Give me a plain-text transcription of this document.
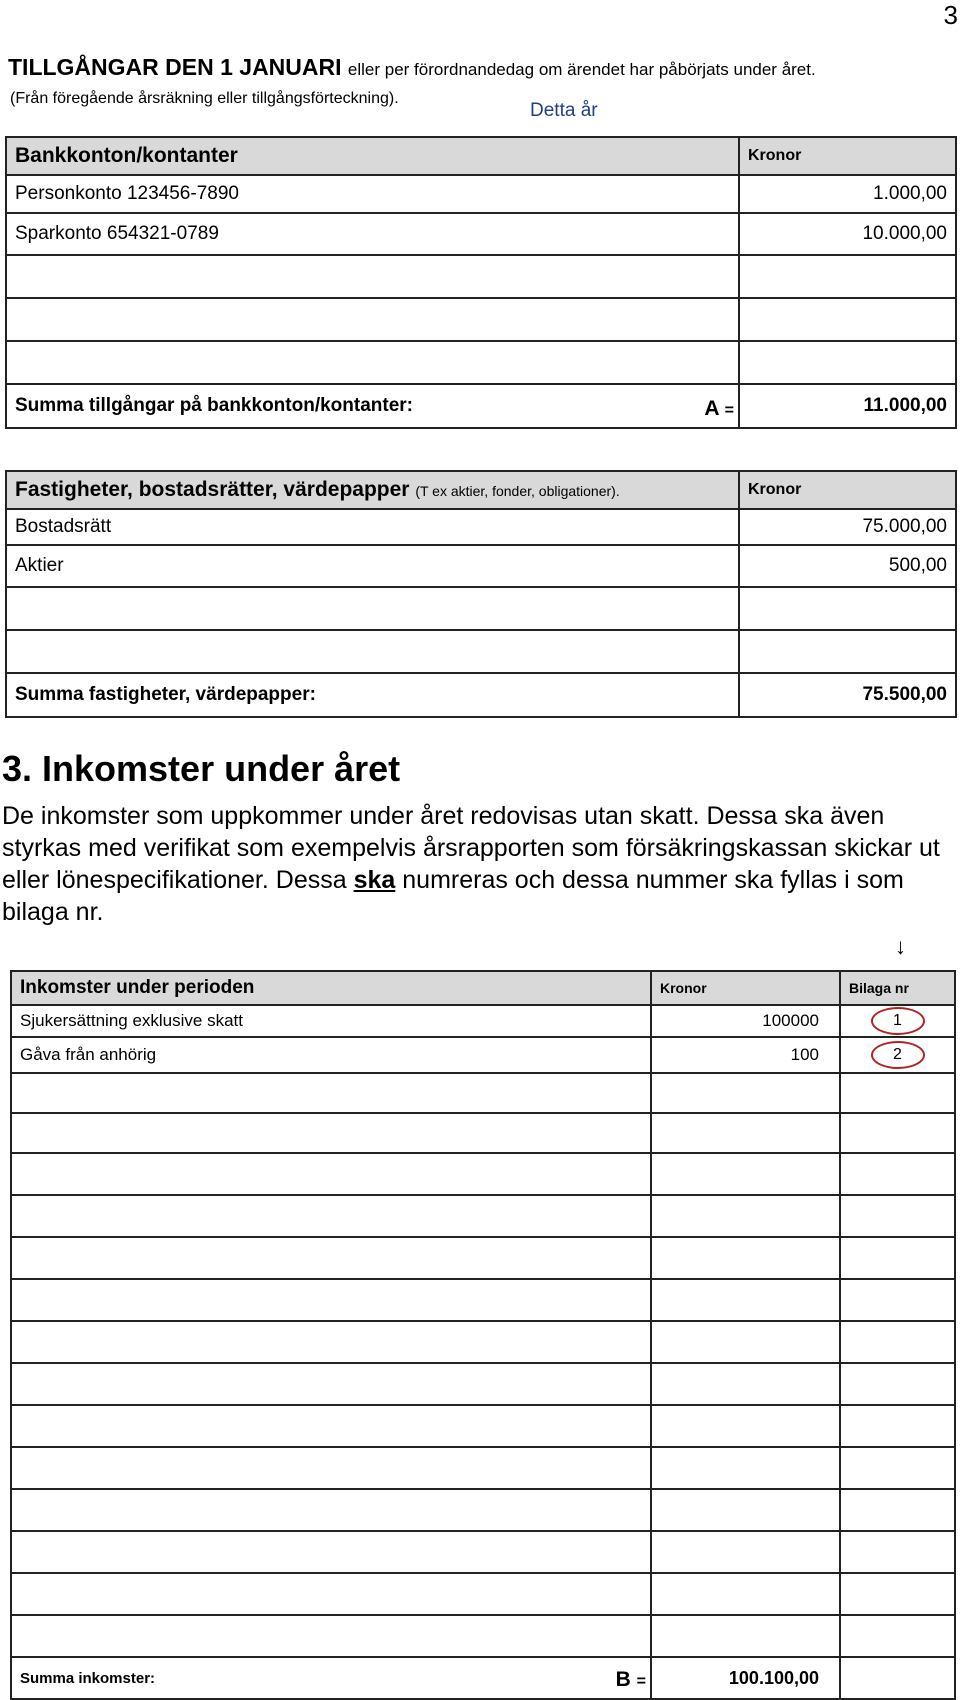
3
TILLGÅNGAR DEN 1 JANUARI eller per förordnandedag om ärendet har påbörjats under året.
(Från föregående årsräkning eller tillgångsförteckning).
Detta år
Bankkonton/kontanter	Kronor
Personkonto 123456-7890	1.000,00
Sparkonto 654321-0789	10.000,00

Summa tillgångar på bankkonton/kontanter: A =	11.000,00
Fastigheter, bostadsrätter, värdepapper (T ex aktier, fonder, obligationer).	Kronor
Bostadsrätt	75.000,00
Aktier	500,00

Summa fastigheter, värdepapper:	75.500,00
3. Inkomster under året
De inkomster som uppkommer under året redovisas utan skatt. Dessa ska även styrkas med verifikat som exempelvis årsrapporten som försäkringskassan skickar ut eller lönespecifikationer. Dessa ska numreras och dessa nummer ska fyllas i som bilaga nr.
↓
Inkomster under perioden	Kronor	Bilaga nr
Sjukersättning exklusive skatt	100000	1
Gåva från anhörig	100	2

Summa inkomster: B =	100.100,00	
